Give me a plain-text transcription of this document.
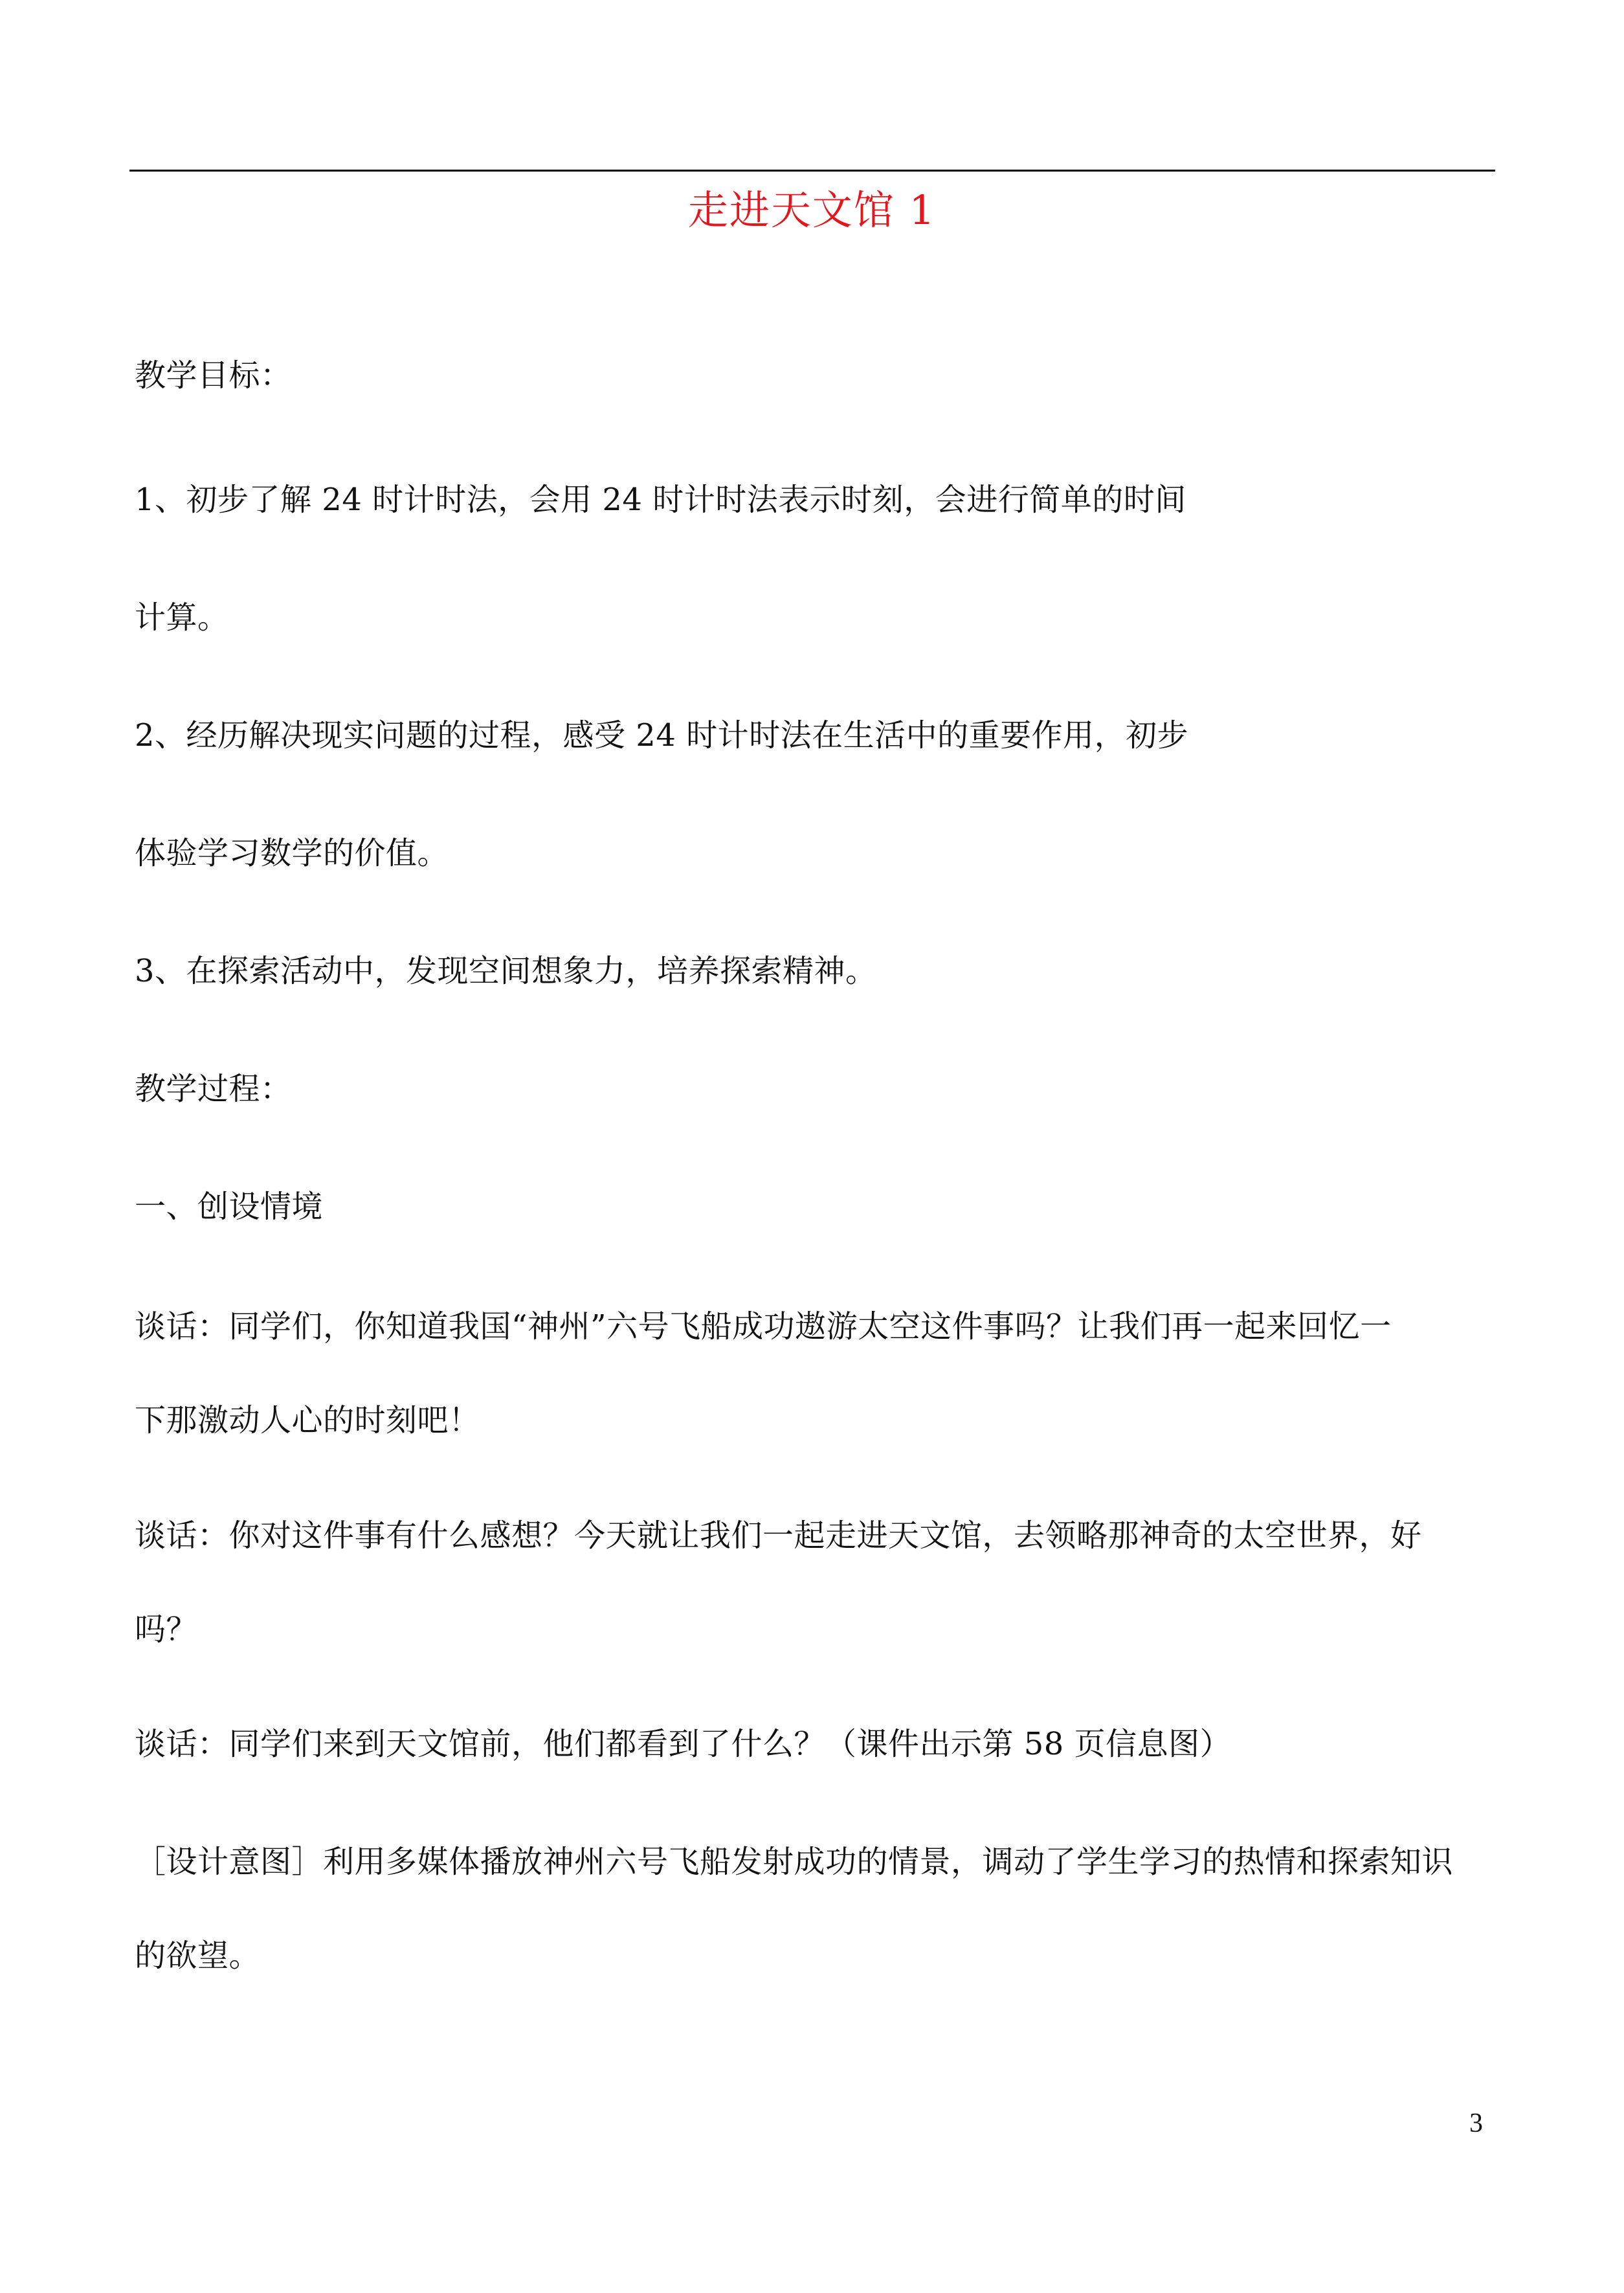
走进天文馆 1
教学目标：
1、初步了解 24 时计时法，会用 24 时计时法表示时刻，会进行简单的时间
计算。
2、经历解决现实问题的过程，感受 24 时计时法在生活中的重要作用，初步
体验学习数学的价值。
3、在探索活动中，发现空间想象力，培养探索精神。
教学过程：
一、创设情境
谈话：同学们，你知道我国“神州”六号飞船成功遨游太空这件事吗？让我们再一起来回忆一
下那激动人心的时刻吧！
谈话：你对这件事有什么感想？今天就让我们一起走进天文馆，去领略那神奇的太空世界，好
吗？
谈话：同学们来到天文馆前，他们都看到了什么？（课件出示第 58 页信息图）
［设计意图］利用多媒体播放神州六号飞船发射成功的情景，调动了学生学习的热情和探索知识
的欲望。
3
